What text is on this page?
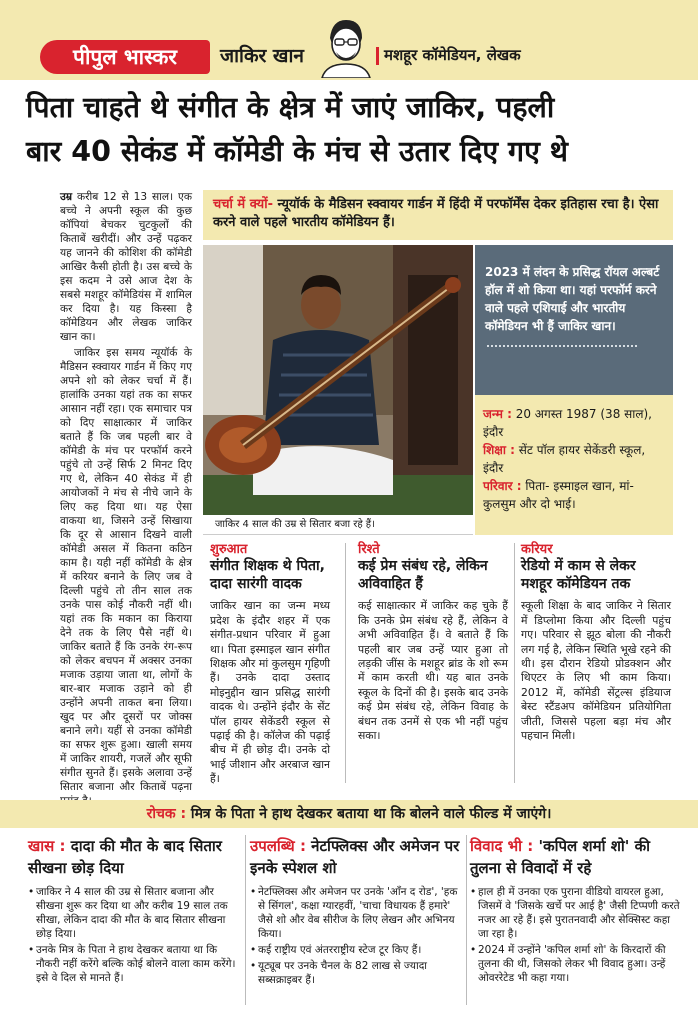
पीपुल भास्कर	जाकिर खान	मशहूर कॉमेडियन, लेखक
पिता चाहते थे संगीत के क्षेत्र में जाएं जाकिर, पहली
बार 40 सेकंड में कॉमेडी के मंच से उतार दिए गए थे

उम्र करीब 12 से 13 साल। एक बच्चे ने अपनी स्कूल की कुछ कॉपियां बेचकर चुटकुलों की किताबें खरीदीं। और उन्हें पढ़कर यह जानने की कोशिश की कॉमेडी आखिर कैसी होती है। उस बच्चे के इस कदम ने उसे आज देश के सबसे मशहूर कॉमेडियंस में शामिल कर दिया है। यह किस्सा है कॉमेडियन और लेखक जाकिर खान का।

जाकिर इस समय न्यूयॉर्क के मैडिसन स्क्वायर गार्डन में किए गए अपने शो को लेकर चर्चा में हैं। हालांकि उनका यहां तक का सफर आसान नहीं रहा। एक समाचार पत्र को दिए साक्षात्कार में जाकिर बताते हैं कि जब पहली बार वे कॉमेडी के मंच पर परफॉर्म करने पहुंचे तो उन्हें सिर्फ 2 मिनट दिए गए थे, लेकिन 40 सेकंड में ही आयोजकों ने मंच से नीचे जाने के लिए कह दिया था। यह ऐसा वाकया था, जिसने उन्हें सिखाया कि दूर से आसान दिखने वाली कॉमेडी असल में कितना कठिन काम है। यही नहीं कॉमेडी के क्षेत्र में करियर बनाने के लिए जब वे दिल्ली पहुंचे तो तीन साल तक उनके पास कोई नौकरी नहीं थी। यहां तक कि मकान का किराया देने तक के लिए पैसे नहीं थे। जाकिर बताते हैं कि उनके रंग-रूप को लेकर बचपन में अक्सर उनका मजाक उड़ाया जाता था, लोगों के बार-बार मजाक उड़ाने को ही उन्होंने अपनी ताकत बना लिया। खुद पर और दूसरों पर जोक्स बनाने लगे। यहीं से उनका कॉमेडी का सफर शुरू हुआ। खाली समय में जाकिर शायरी, गजलें और सूफी संगीत सुनते हैं। इसके अलावा उन्हें सितार बजाना और किताबें पढ़ना

चर्चा में क्यों- न्यूयॉर्क के मैडिसन स्क्वायर गार्डन में हिंदी में परफॉर्मेंस देकर इतिहास रचा है। ऐसा करने वाले पहले भारतीय कॉमेडियन हैं।
जाकिर 4 साल की उम्र से सितार बजा रहे हैं।
2023 में लंदन के प्रसिद्ध रॉयल अल्बर्ट हॉल में शो किया था। यहां परफॉर्म करने वाले पहले एशियाई और भारतीय कॉमेडियन भी हैं जाकिर खान।
जन्म : 20 अगस्त 1987 (38 साल), इंदौर
शिक्षा : सेंट पॉल हायर सेकेंडरी स्कूल, इंदौर
परिवार : पिता- इस्माइल खान, मां- कुलसुम और दो भाई।
शुरुआत
संगीत शिक्षक थे पिता, दादा सारंगी वादक
जाकिर खान का जन्म मध्य प्रदेश के इंदौर शहर में एक संगीत-प्रधान परिवार में हुआ था। पिता इस्माइल खान संगीत शिक्षक और मां कुलसुम गृहिणी हैं। उनके दादा उस्ताद मोइनुद्दीन खान प्रसिद्ध सारंगी वादक थे। उन्होंने इंदौर के सेंट पॉल हायर सेकेंडरी स्कूल से पढ़ाई की है। कॉलेज की पढ़ाई बीच में ही छोड़ दी। उनके दो भाई जीशान और अरबाज खान हैं।
रिश्ते
कई प्रेम संबंध रहे, लेकिन अविवाहित हैं
कई साक्षात्कार में जाकिर कह चुके हैं कि उनके प्रेम संबंध रहे हैं, लेकिन वे अभी अविवाहित हैं। वे बताते हैं कि पहली बार जब उन्हें प्यार हुआ तो लड़की जींस के मशहूर ब्रांड के शो रूम में काम करती थी। यह बात उनके स्कूल के दिनों की है। इसके बाद उनके कई प्रेम संबंध रहे, लेकिन विवाह के बंधन तक उनमें से एक भी नहीं पहुंच सका।
करियर
रेडियो में काम से लेकर मशहूर कॉमेडियन तक
स्कूली शिक्षा के बाद जाकिर ने सितार में डिप्लोमा किया और दिल्ली पहुंच गए। परिवार से झूठ बोला की नौकरी लग गई है, लेकिन स्थिति भूखे रहने की थी। इस दौरान रेडियो प्रोडक्शन और थिएटर के लिए भी काम किया। 2012 में, कॉमेडी सेंट्रल्स इंडियाज बेस्ट स्टैंडअप कॉमेडियन प्रतियोगिता जीती, जिससे पहला बड़ा मंच और पहचान मिली।
रोचक : मित्र के पिता ने हाथ देखकर बताया था कि बोलने वाले फील्ड में जाएंगे।
खास : दादा की मौत के बाद सितार सीखना छोड़ दिया
• जाकिर ने 4 साल की उम्र से सितार बजाना और सीखना शुरू कर दिया था और करीब 19 साल तक सीखा, लेकिन दादा की मौत के बाद सितार सीखना छोड़ दिया।
• उनके मित्र के पिता ने हाथ देखकर बताया था कि नौकरी नहीं करेंगे बल्कि कोई बोलने वाला काम करेंगे। इसे वे दिल से मानते हैं।
उपलब्धि : नेटफ्लिक्स और अमेजन पर इनके स्पेशल शो
• नेटफ्लिक्स और अमेजन पर उनके 'आँन द रोड', 'हक से सिंगल', कक्षा ग्यारहवीं, 'चाचा विधायक हैं हमारे' जैसे शो और वेब सीरीज के लिए लेखन और अभिनय किया।
• कई राष्ट्रीय एवं अंतरराष्ट्रीय स्टेज टूर किए हैं।
• यूट्यूब पर उनके चैनल के 82 लाख से ज्यादा सब्सक्राइबर हैं।
विवाद भी : 'कपिल शर्मा शो' की तुलना से विवादों में रहे
• हाल ही में उनका एक पुराना वीडियो वायरल हुआ, जिसमें वे 'जिसके खर्चे पर आई है' जैसी टिप्पणी करते नजर आ रहे हैं। इसे पुरातनवादी और सेक्सिस्ट कहा जा रहा है।
• 2024 में उन्होंने 'कपिल शर्मा शो' के किरदारों की तुलना की थी, जिसको लेकर भी विवाद हुआ। उन्हें ओवररेटेड भी कहा गया।
